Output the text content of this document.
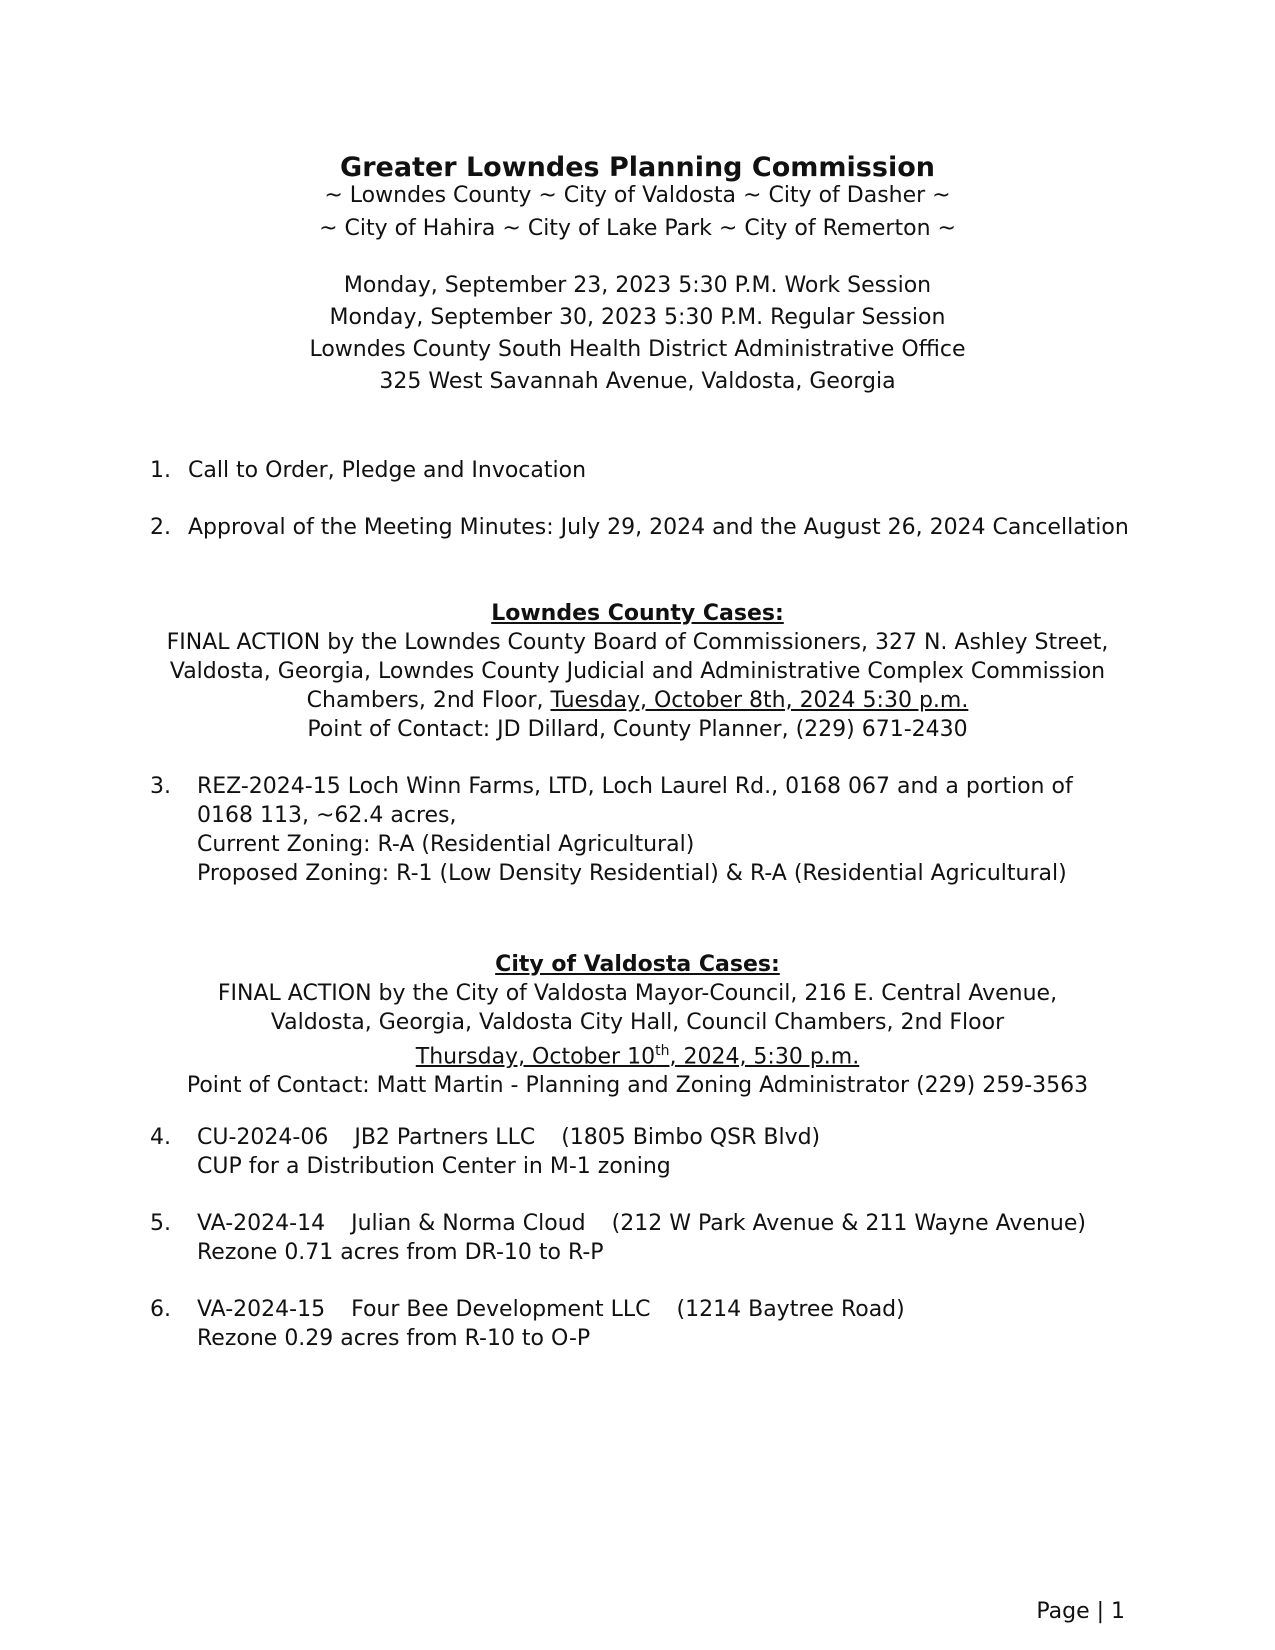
Greater Lowndes Planning Commission
~ Lowndes County ~ City of Valdosta ~ City of Dasher ~
~ City of Hahira ~ City of Lake Park ~ City of Remerton ~
Monday, September 23, 2023 5:30 P.M. Work Session
Monday, September 30, 2023 5:30 P.M. Regular Session
Lowndes County South Health District Administrative Office
325 West Savannah Avenue, Valdosta, Georgia
1. Call to Order, Pledge and Invocation
2. Approval of the Meeting Minutes: July 29, 2024 and the August 26, 2024 Cancellation
Lowndes County Cases:
FINAL ACTION by the Lowndes County Board of Commissioners, 327 N. Ashley Street,
Valdosta, Georgia, Lowndes County Judicial and Administrative Complex Commission
Chambers, 2nd Floor, Tuesday, October 8th, 2024 5:30 p.m.
Point of Contact: JD Dillard, County Planner, (229) 671-2430
3. REZ-2024-15 Loch Winn Farms, LTD, Loch Laurel Rd., 0168 067 and a portion of
0168 113, ~62.4 acres,
Current Zoning: R-A (Residential Agricultural)
Proposed Zoning: R-1 (Low Density Residential) & R-A (Residential Agricultural)
City of Valdosta Cases:
FINAL ACTION by the City of Valdosta Mayor-Council, 216 E. Central Avenue,
Valdosta, Georgia, Valdosta City Hall, Council Chambers, 2nd Floor
Thursday, October 10th, 2024, 5:30 p.m.
Point of Contact: Matt Martin - Planning and Zoning Administrator (229) 259-3563
4. CU-2024-06 JB2 Partners LLC (1805 Bimbo QSR Blvd)
CUP for a Distribution Center in M-1 zoning
5. VA-2024-14 Julian & Norma Cloud (212 W Park Avenue & 211 Wayne Avenue)
Rezone 0.71 acres from DR-10 to R-P
6. VA-2024-15 Four Bee Development LLC (1214 Baytree Road)
Rezone 0.29 acres from R-10 to O-P
Page | 1
